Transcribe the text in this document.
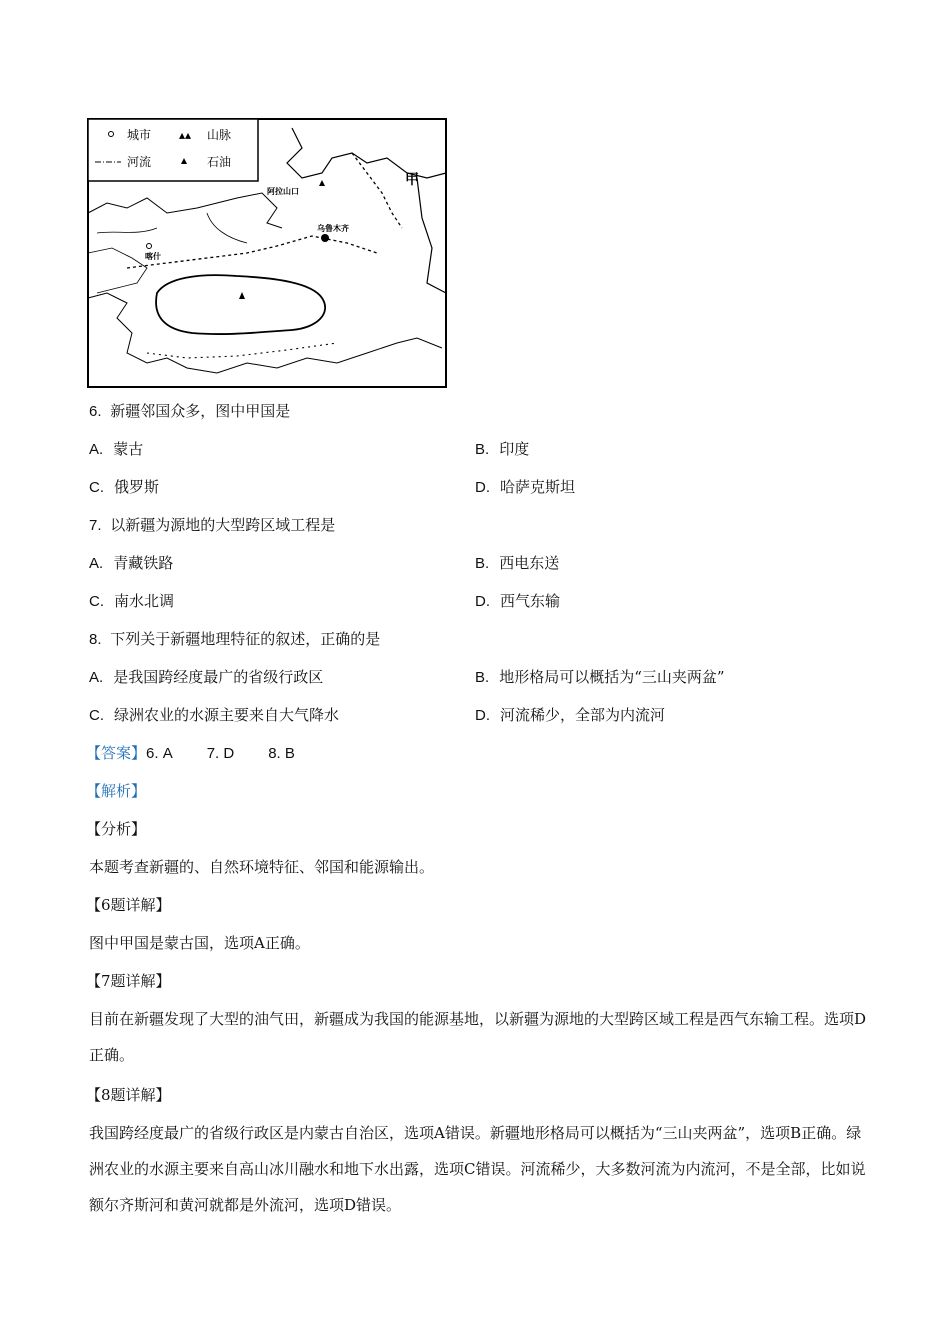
城市 ▴▴ 山脉
河流	石油
甲
阿拉山口
乌鲁木齐
喀什
6. 新疆邻国众多，图中甲国是
A. 蒙古	B. 印度
C. 俄罗斯	D. 哈萨克斯坦
7. 以新疆为源地的大型跨区域工程是
A. 青藏铁路	B. 西电东送
C. 南水北调	D. 西气东输
8. 下列关于新疆地理特征的叙述，正确的是
A. 是我国跨经度最广的省级行政区	B. 地形格局可以概括为“三山夹两盆”
C. 绿洲农业的水源主要来自大气降水	D. 河流稀少，全部为内流河
【答案】6. A 7. D 8. B
【解析】
【分析】
本题考查新疆的、自然环境特征、邻国和能源输出。
【6题详解】
图中甲国是蒙古国，选项A正确。
【7题详解】
目前在新疆发现了大型的油气田，新疆成为我国的能源基地，以新疆为源地的大型跨区域工程是西气东输工程。选项D正确。
【8题详解】
我国跨经度最广的省级行政区是内蒙古自治区，选项A错误。新疆地形格局可以概括为“三山夹两盆”，选项B正确。绿洲农业的水源主要来自高山冰川融水和地下水出露，选项C错误。河流稀少，大多数河流为内流河，不是全部，比如说额尔齐斯河和黄河就都是外流河，选项D错误。
